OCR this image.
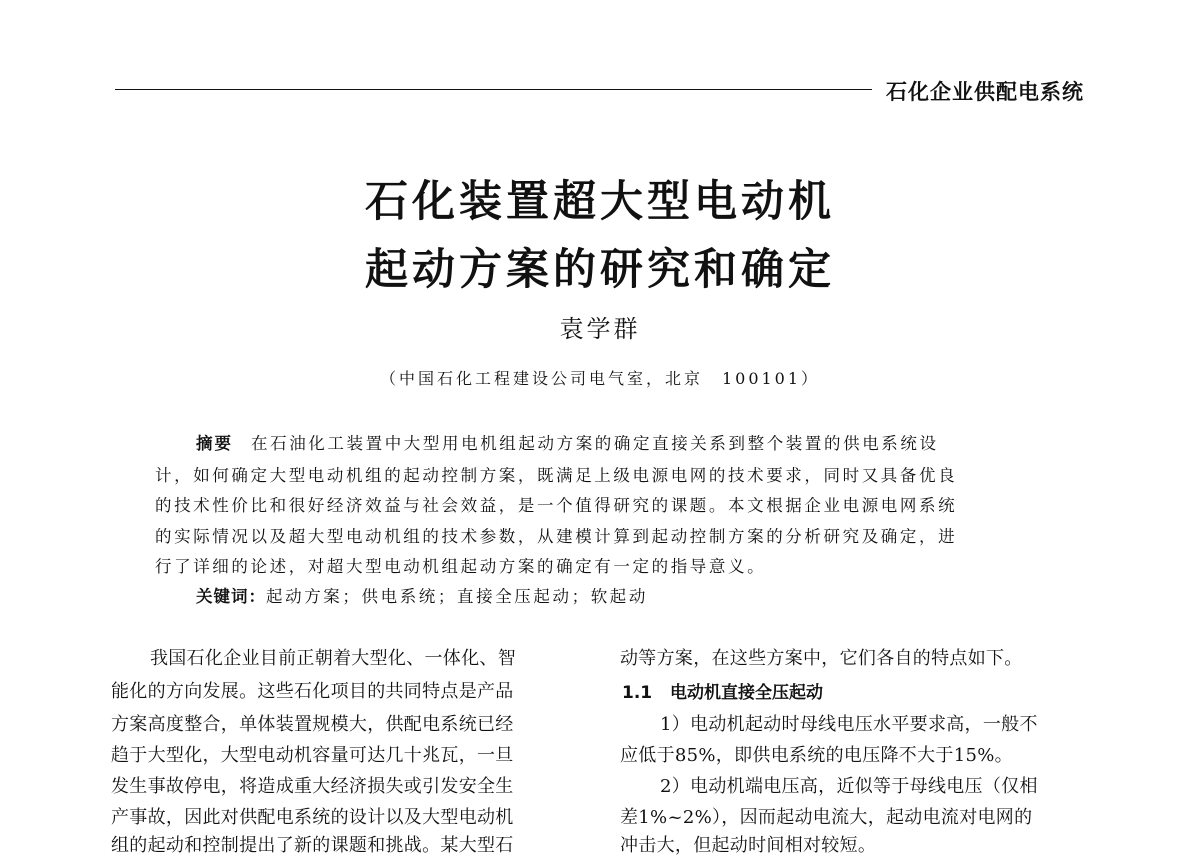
石化企业供配电系统
石化装置超大型电动机
起动方案的研究和确定
袁学群
（中国石化工程建设公司电气室，北京　100101）
摘要 在石油化工装置中大型用电机组起动方案的确定直接关系到整个装置的供电系统设
计，如何确定大型电动机组的起动控制方案，既满足上级电源电网的技术要求，同时又具备优良
的技术性价比和很好经济效益与社会效益，是一个值得研究的课题。本文根据企业电源电网系统
的实际情况以及超大型电动机组的技术参数，从建模计算到起动控制方案的分析研究及确定，进
行了详细的论述，对超大型电动机组起动方案的确定有一定的指导意义。
关键词：起动方案；供电系统；直接全压起动；软起动
我国石化企业目前正朝着大型化、一体化、智
能化的方向发展。这些石化项目的共同特点是产品
方案高度整合，单体装置规模大，供配电系统已经
趋于大型化，大型电动机容量可达几十兆瓦，一旦
发生事故停电，将造成重大经济损失或引发安全生
产事故，因此对供配电系统的设计以及大型电动机
组的起动和控制提出了新的课题和挑战。某大型石
动等方案，在这些方案中，它们各自的特点如下。
1.1 电动机直接全压起动
1）电动机起动时母线电压水平要求高，一般不
应低于85%，即供电系统的电压降不大于15%。
2）电动机端电压高，近似等于母线电压（仅相
差1%~2%），因而起动电流大，起动电流对电网的
冲击大，但起动时间相对较短。
